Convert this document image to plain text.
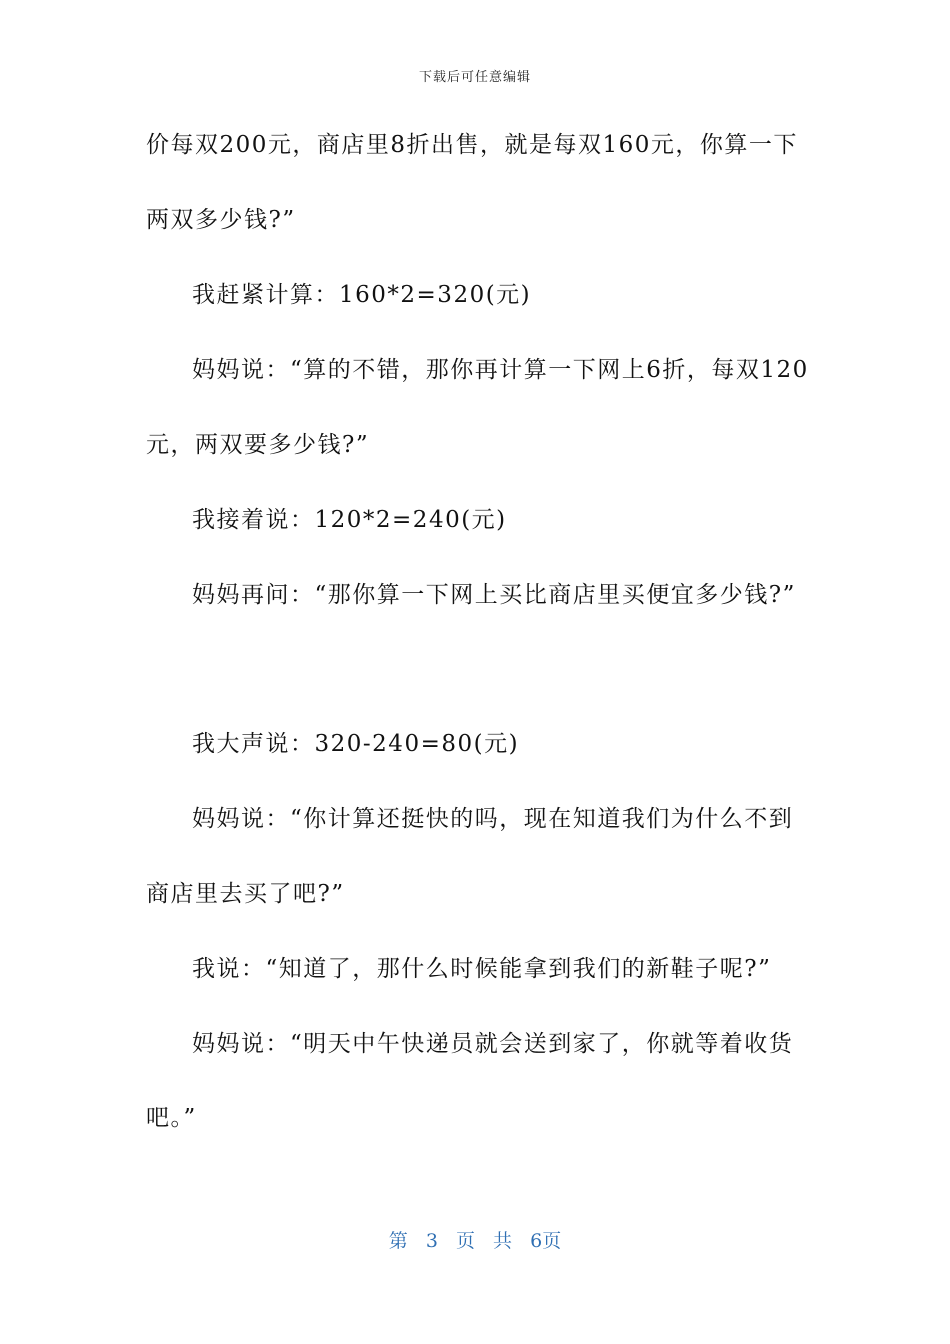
下载后可任意编辑
价每双200元，商店里8折出售，就是每双160元，你算一下
两双多少钱?”
我赶紧计算：160*2=320(元)
妈妈说：“算的不错，那你再计算一下网上6折，每双120
元，两双要多少钱?”
我接着说：120*2=240(元)
妈妈再问：“那你算一下网上买比商店里买便宜多少钱?”
我大声说：320-240=80(元)
妈妈说：“你计算还挺快的吗，现在知道我们为什么不到
商店里去买了吧?”
我说：“知道了，那什么时候能拿到我们的新鞋子呢?”
妈妈说：“明天中午快递员就会送到家了，你就等着收货
吧。”
第 3 页 共 6页
